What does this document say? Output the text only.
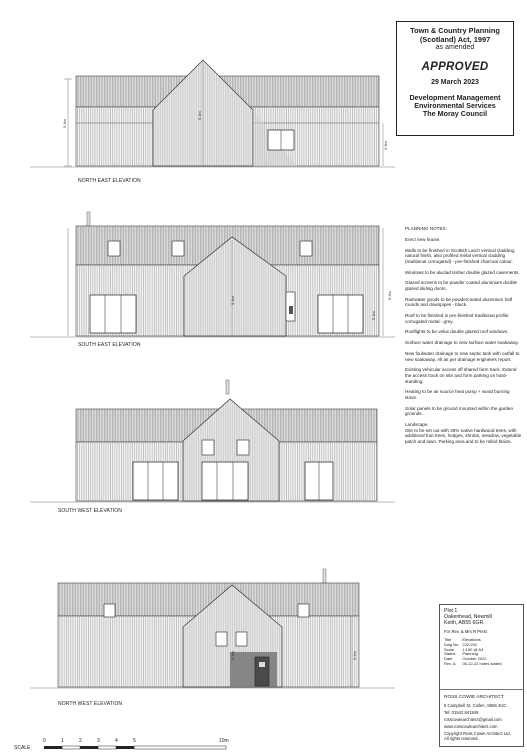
Town & Country Planning
(Scotland) Act, 1997
as amended
APPROVED
29 March 2023
Development Management
Environmental Services
The Moray Council
5.4m
6.4m
2.9m
5.4m
6.3m
5.4m
5.4m	6.2m
NORTH EAST ELEVATION
SOUTH EAST ELEVATION
SOUTH WEST ELEVATION
NORTH WEST ELEVATION

PLANNING NOTES:

Erect new house.

Walls to be finished in Scottish Larch vertical cladding, natural finish, also profiled metal vertical cladding (traditional corrugated) - pre-finished charcoal colour.

Windows to be aluclad timber double glazed casements.

Glazed screens to be powder coated aluminium double glazed sliding doors.

Rainwater goods to be powdercoated aluminium half rounds and downpipes - black.

Roof to be finished in pre-finished traditional profile corrugated metal - grey.

Rooflights to be velux double glazed roof windows.

Surface water drainage to new surface water soakaway.

New foulwater drainage to new septic tank with outfall to new soakaway. All as per drainage engineers report.

Existing vehicular access off shared farm track. Extend the access track on site and form parking on hard-standing.

Heating to be air source heat pump + wood burning stove.

Solar panels to be ground mounted within the garden grounds.

Landscape.
Site to be set out with 25% native hardwood trees, with additional fruit trees, hedges, shrubs, meadow, vegetable patch and lawn. Parking area and to be rolled blaize.

Plot 1
Oakenhead, Newmill
Keith, AB55 6GR.
For Rev. & Mrs R Prest
Title	Elevations
Dwg No.	222-202
Scale	1:100 @ A3
Status	Planning
Date	October 2022
Rev. A	06-12-22 notes added
ROSS COWIE ARCHITECT
5 Campbell St, Cullen, AB56 4UC
Tel: 01542 841849
rosscowiearchitect@gmail.com
www.rosscowiearchitect.com
Copyright Ross Cowie Architect Ltd.
All rights reserved.
SCALE
0	1	2	3	4	5	10m
